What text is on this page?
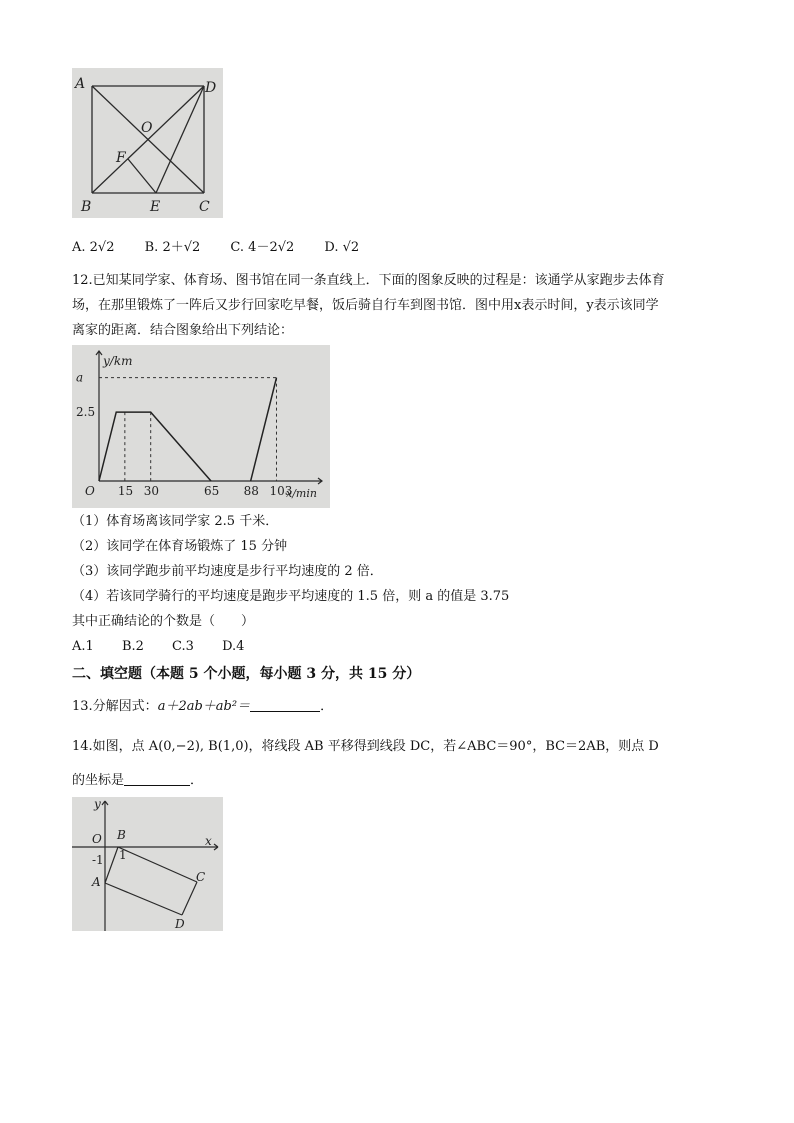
A	D
O
F
B	E	C
A. 2√2 B. 2＋√2 C. 4－2√2 D. √2
12.已知某同学家、体育场、图书馆在同一条直线上．下面的图象反映的过程是：该通学从家跑步去体育
场，在那里锻炼了一阵后又步行回家吃早餐，饭后骑自行车到图书馆．图中用x表示时间，y表示该同学
离家的距离．结合图象给出下列结论：
y/km
x/min
O
a
2.5
15 30	65 88 103
（1）体育场离该同学家 2.5 千米．
（2）该同学在体育场锻炼了 15 分钟
（3）该同学跑步前平均速度是步行平均速度的 2 倍．
（4）若该同学骑行的平均速度是跑步平均速度的 1.5 倍，则 a 的值是 3.75
其中正确结论的个数是（　　）
A.1 B.2 C.3 D.4
二、填空题（本题 5 个小题，每小题 3 分，共 15 分）
13.分解因式：a＋2ab＋ab²＝	．
14.如图，点 A(0,−2), B(1,0)，将线段 AB 平移得到线段 DC，若∠ABC＝90°，BC＝2AB，则点 D
的坐标是	．
y
O B	x
-1 1
A	C
D
